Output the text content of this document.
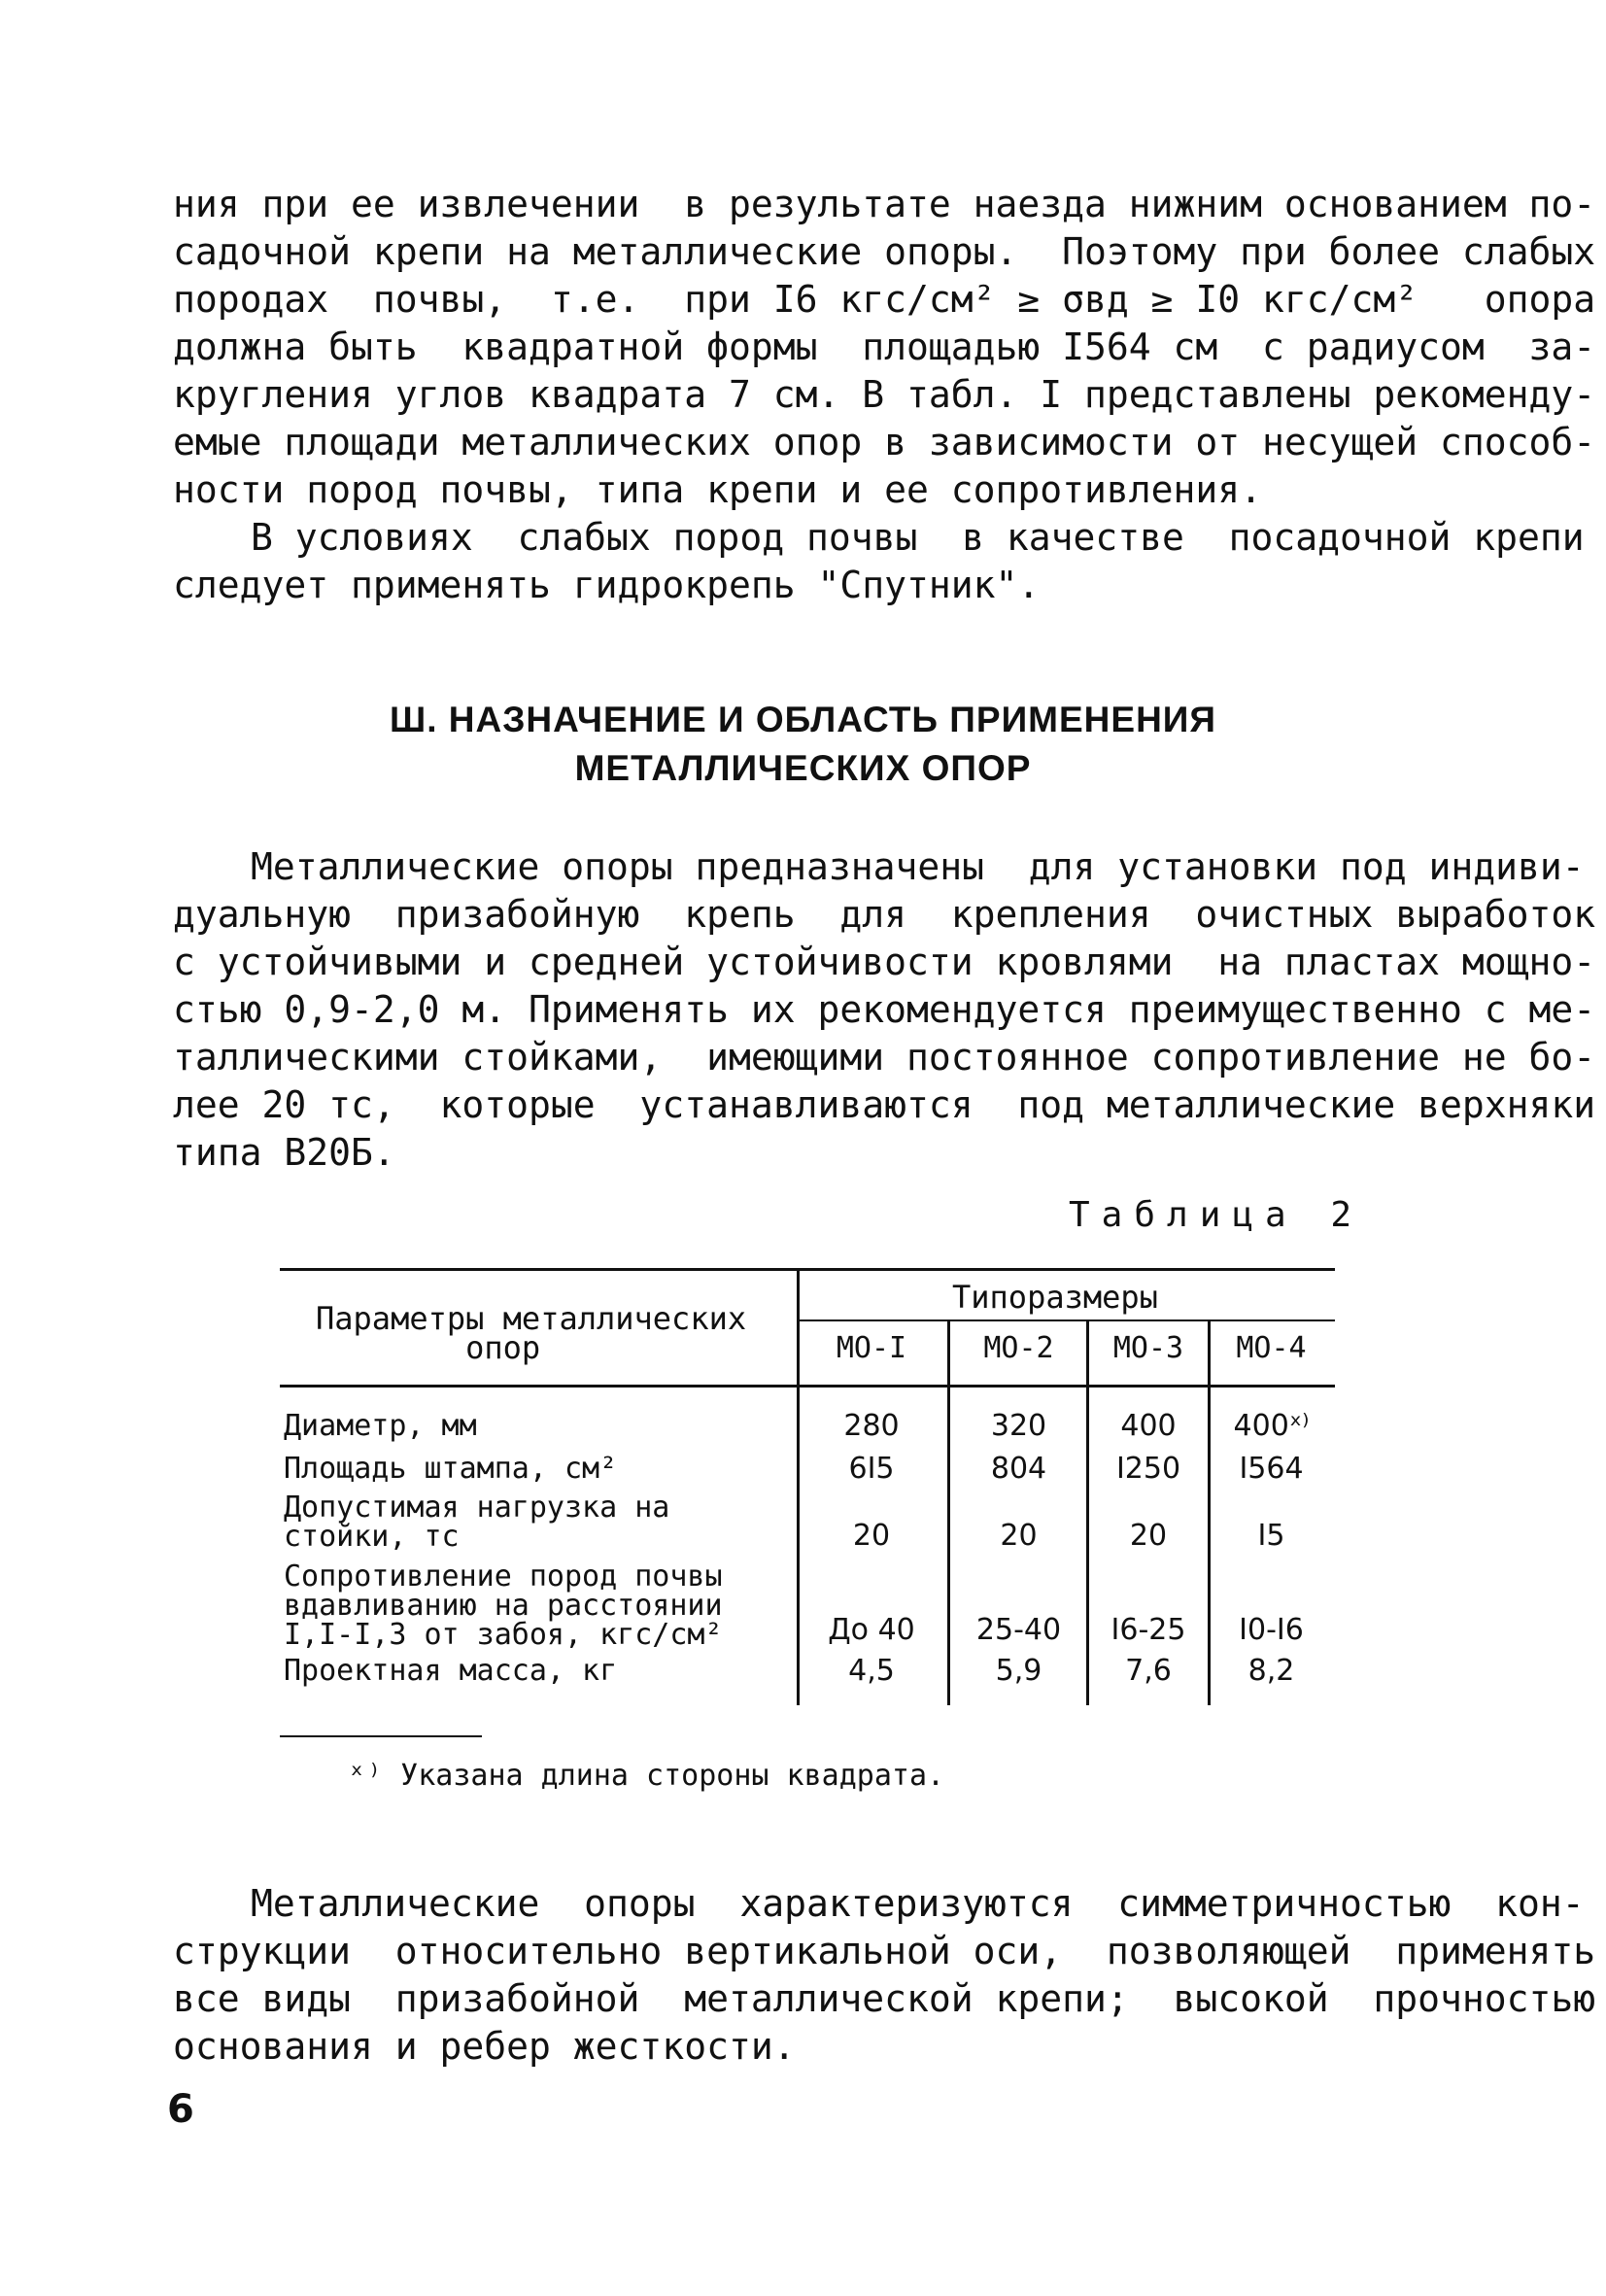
ния при ее извлечении  в результате наезда нижним основанием по-
садочной крепи на металлические опоры.  Поэтому при более слабых
породах  почвы,  т.е.  при I6 кгс/см² ≥ σвд ≥ I0 кгс/см²   опора
должна быть  квадратной формы  площадью I564 см  с радиусом  за-
кругления углов квадрата 7 см. В табл. I представлены рекоменду-
емые площади металлических опор в зависимости от несущей способ-
ности пород почвы, типа крепи и ее сопротивления.
В условиях  слабых пород почвы  в качестве  посадочной крепи
следует применять гидрокрепь "Спутник".
Ш. НАЗНАЧЕНИЕ И ОБЛАСТЬ ПРИМЕНЕНИЯ
МЕТАЛЛИЧЕСКИХ ОПОР
Металлические опоры предназначены  для установки под индиви-
дуальную  призабойную  крепь  для  крепления  очистных выработок
с устойчивыми и средней устойчивости кровлями  на пластах мощно-
стью 0,9-2,0 м. Применять их рекомендуется преимущественно с ме-
таллическими стойками,  имеющими постоянное сопротивление не бо-
лее 20 тс,  которые  устанавливаются  под металлические верхняки
типа В20Б.
Таблица 2
Параметры металлических
опор
Типоразмеры
МО-I	МО-2	МО-3	МО-4
Диаметр, мм	280	320	400	400ˣ⁾
Площадь штампа, см²	6I5	804	I250	I564
Допустимая нагрузка на
стойки, тс	20	20	20	I5
Сопротивление пород почвы
вдавливанию на расстоянии
I,I-I,3 от забоя, кгс/см²	До 40	25-40	I6-25	I0-I6
Проектная масса, кг	4,5	5,9	7,6	8,2
ˣ⁾ Указана длина стороны квадрата.
Металлические  опоры  характеризуются  симметричностью  кон-
струкции  относительно вертикальной оси,  позволяющей  применять
все виды  призабойной  металлической крепи;  высокой  прочностью
основания и ребер жесткости.
6
